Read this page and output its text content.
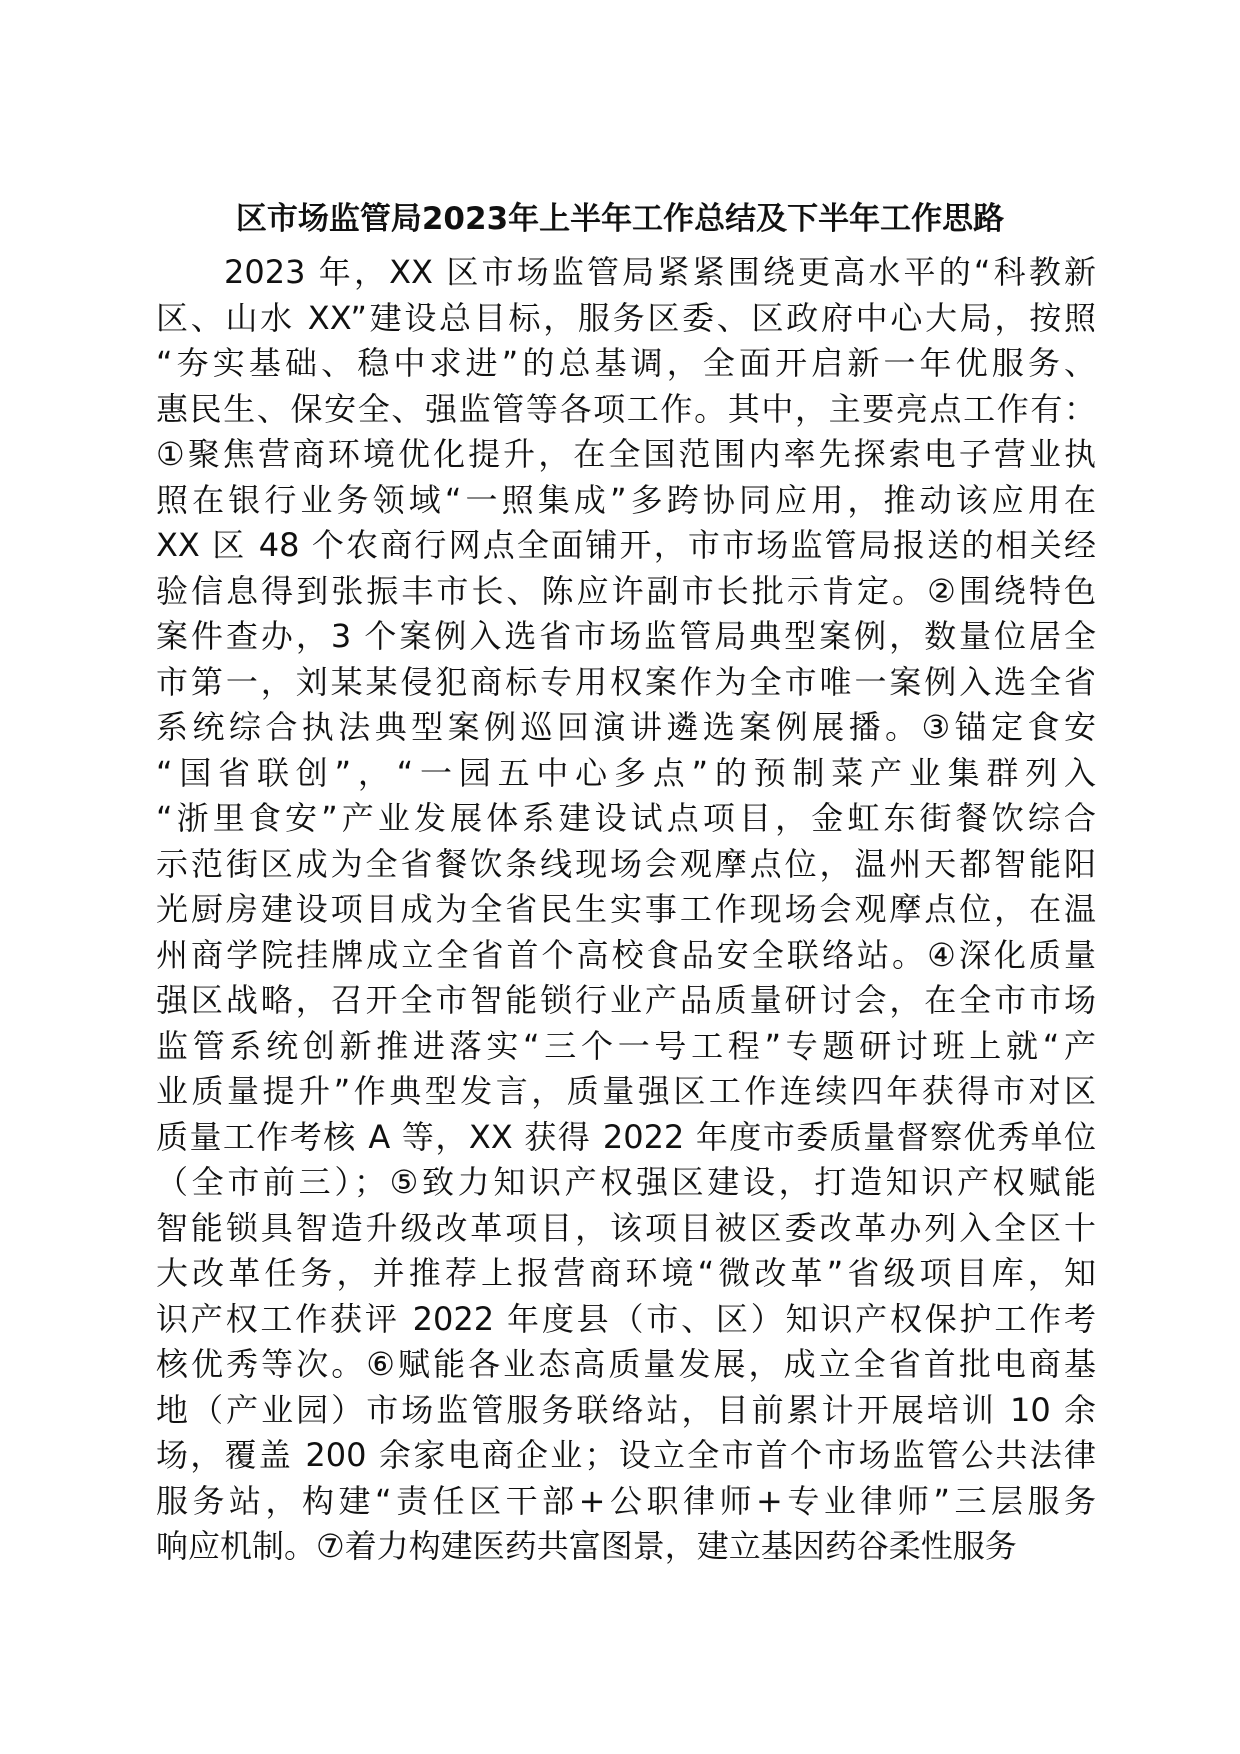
区市场监管局2023年上半年工作总结及下半年工作思路
2023 年，XX 区市场监管局紧紧围绕更高水平的“科教新
区、山水 XX”建设总目标，服务区委、区政府中心大局，按照
“夯实基础、稳中求进”的总基调，全面开启新一年优服务、
惠民生、保安全、强监管等各项工作。其中，主要亮点工作有：
①聚焦营商环境优化提升，在全国范围内率先探索电子营业执
照在银行业务领域“一照集成”多跨协同应用，推动该应用在
XX 区 48 个农商行网点全面铺开，市市场监管局报送的相关经
验信息得到张振丰市长、陈应许副市长批示肯定。②围绕特色
案件查办，3 个案例入选省市场监管局典型案例，数量位居全
市第一，刘某某侵犯商标专用权案作为全市唯一案例入选全省
系统综合执法典型案例巡回演讲遴选案例展播。③锚定食安
“国省联创”，“一园五中心多点”的预制菜产业集群列入
“浙里食安”产业发展体系建设试点项目，金虹东街餐饮综合
示范街区成为全省餐饮条线现场会观摩点位，温州天都智能阳
光厨房建设项目成为全省民生实事工作现场会观摩点位，在温
州商学院挂牌成立全省首个高校食品安全联络站。④深化质量
强区战略，召开全市智能锁行业产品质量研讨会，在全市市场
监管系统创新推进落实“三个一号工程”专题研讨班上就“产
业质量提升”作典型发言，质量强区工作连续四年获得市对区
质量工作考核 A 等，XX 获得 2022 年度市委质量督察优秀单位
（全市前三）；⑤致力知识产权强区建设，打造知识产权赋能
智能锁具智造升级改革项目，该项目被区委改革办列入全区十
大改革任务，并推荐上报营商环境“微改革”省级项目库，知
识产权工作获评 2022 年度县（市、区）知识产权保护工作考
核优秀等次。⑥赋能各业态高质量发展，成立全省首批电商基
地（产业园）市场监管服务联络站，目前累计开展培训 10 余
场，覆盖 200 余家电商企业；设立全市首个市场监管公共法律
服务站，构建“责任区干部+公职律师+专业律师”三层服务
响应机制。⑦着力构建医药共富图景，建立基因药谷柔性服务
